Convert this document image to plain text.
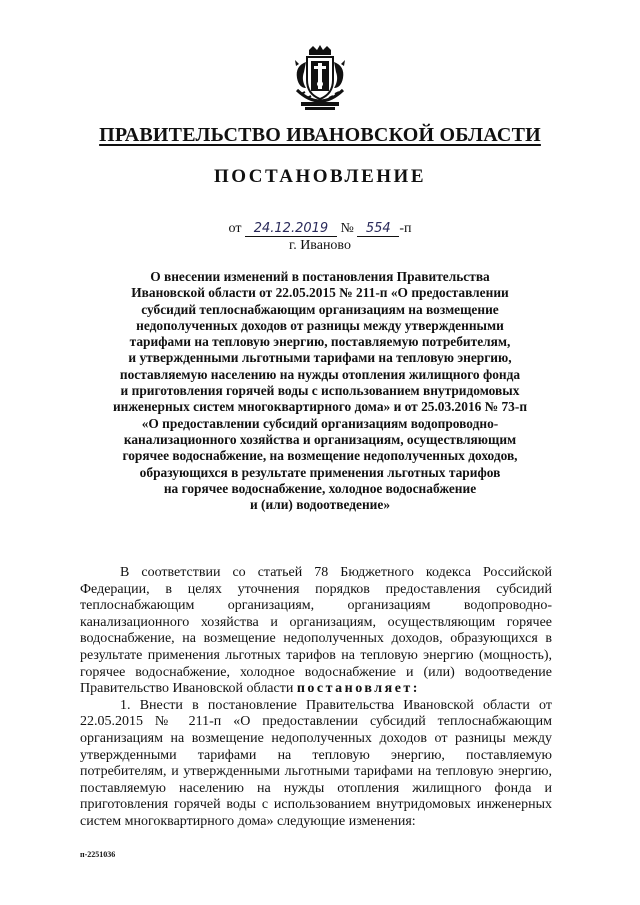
ПРАВИТЕЛЬСТВО ИВАНОВСКОЙ ОБЛАСТИ
ПОСТАНОВЛЕНИЕ
от 24.12.2019 № 554 -п
г. Иваново
О внесении изменений в постановления Правительства
Ивановской области от 22.05.2015 № 211-п «О предоставлении
субсидий теплоснабжающим организациям на возмещение
недополученных доходов от разницы между утвержденными
тарифами на тепловую энергию, поставляемую потребителям,
и утвержденными льготными тарифами на тепловую энергию,
поставляемую населению на нужды отопления жилищного фонда
и приготовления горячей воды с использованием внутридомовых
инженерных систем многоквартирного дома» и от 25.03.2016 № 73-п
«О предоставлении субсидий организациям водопроводно-
канализационного хозяйства и организациям, осуществляющим
горячее водоснабжение, на возмещение недополученных доходов,
образующихся в результате применения льготных тарифов
на горячее водоснабжение, холодное водоснабжение
и (или) водоотведение»

В соответствии со статьей 78 Бюджетного кодекса Российской Федерации, в целях уточнения порядков предоставления субсидий теплоснабжающим организациям, организациям водопроводно-канализационного хозяйства и организациям, осуществляющим горячее водоснабжение, на возмещение недополученных доходов, образующихся в результате применения льготных тарифов на тепловую энергию (мощность), горячее водоснабжение, холодное водоснабжение и (или) водоотведение Правительство Ивановской области постановляет:

1. Внести в постановление Правительства Ивановской области от 22.05.2015 № 211-п «О предоставлении субсидий теплоснабжающим организациям на возмещение недополученных доходов от разницы между утвержденными тарифами на тепловую энергию, поставляемую потребителям, и утвержденными льготными тарифами на тепловую энергию, поставляемую населению на нужды отопления жилищного фонда и приготовления горячей воды с использованием внутридомовых инженерных систем многоквартирного дома» следующие изменения:

п-2251036
